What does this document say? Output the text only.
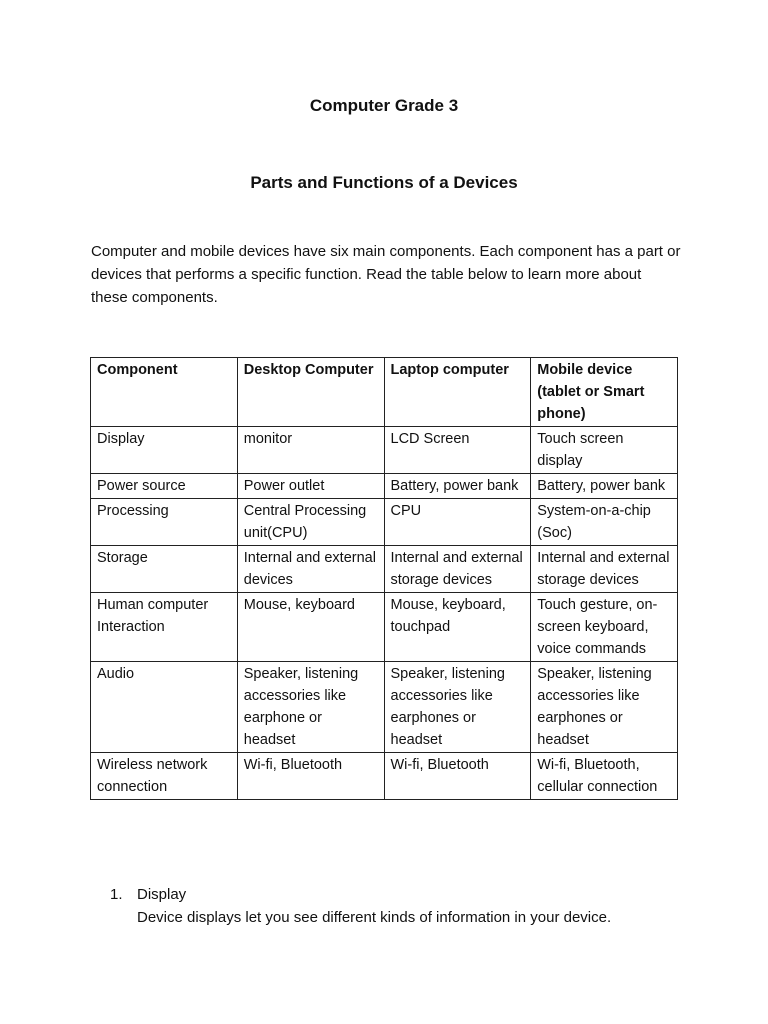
Computer Grade 3
Parts and Functions of a Devices

Computer and mobile devices have six main components. Each component has a part or devices that performs a specific function. Read the table below to learn more about these components.

Component	Desktop Computer	Laptop computer	Mobile device (tablet or Smart phone)
Display	monitor	LCD Screen	Touch screen display
Power source	Power outlet	Battery, power bank	Battery, power bank
Processing	Central Processing unit(CPU)	CPU	System-on-a-chip (Soc)
Storage	Internal and external devices	Internal and external storage devices	Internal and external storage devices
Human computer Interaction	Mouse, keyboard	Mouse, keyboard, touchpad	Touch gesture, on-screen keyboard, voice commands
Audio	Speaker, listening accessories like earphone or headset	Speaker, listening accessories like earphones or headset	Speaker, listening accessories like earphones or headset
Wireless network connection	Wi-fi, Bluetooth	Wi-fi, Bluetooth	Wi-fi, Bluetooth, cellular connection
1. Display
Device displays let you see different kinds of information in your device.
